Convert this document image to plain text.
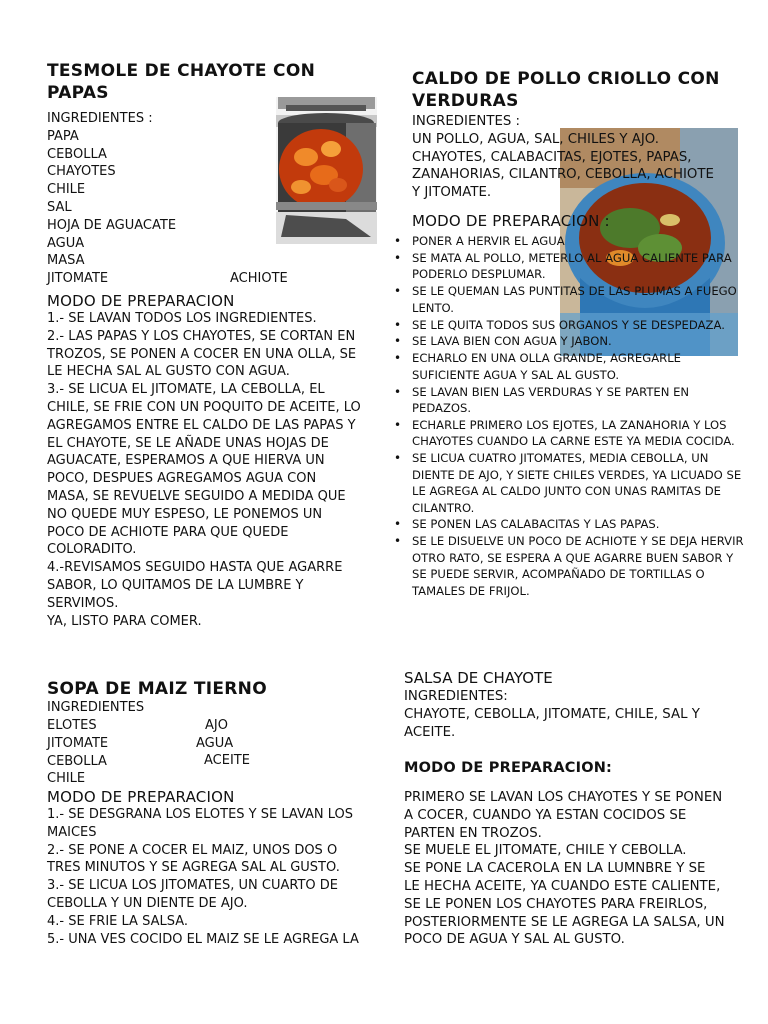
TESMOLE DE CHAYOTE CON
PAPAS
INGREDIENTES :
PAPA
CEBOLLA
CHAYOTES
CHILE
SAL
HOJA DE AGUACATE
AGUA
MASA
JITOMATE	ACHIOTE
MODO DE PREPARACION
1.- SE LAVAN TODOS LOS INGREDIENTES.
2.- LAS PAPAS Y LOS CHAYOTES, SE CORTAN EN
TROZOS, SE PONEN A COCER EN UNA OLLA, SE
LE HECHA SAL AL GUSTO CON AGUA.
3.- SE LICUA EL JITOMATE, LA CEBOLLA, EL
CHILE, SE FRIE CON UN POQUITO DE ACEITE, LO
AGREGAMOS ENTRE EL CALDO DE LAS PAPAS Y
EL CHAYOTE, SE LE AÑADE UNAS HOJAS DE
AGUACATE, ESPERAMOS A QUE HIERVA UN
POCO, DESPUES AGREGAMOS AGUA CON
MASA, SE REVUELVE SEGUIDO A MEDIDA QUE
NO QUEDE MUY ESPESO, LE PONEMOS UN
POCO DE ACHIOTE PARA QUE QUEDE
COLORADITO.
4.-REVISAMOS SEGUIDO HASTA QUE AGARRE
SABOR, LO QUITAMOS DE LA LUMBRE Y
SERVIMOS.
YA, LISTO PARA COMER.
CALDO DE POLLO CRIOLLO CON
VERDURAS
INGREDIENTES :
UN POLLO, AGUA, SAL, CHILES Y AJO.
CHAYOTES, CALABACITAS, EJOTES, PAPAS,
ZANAHORIAS, CILANTRO, CEBOLLA, ACHIOTE
Y JITOMATE.
MODO DE PREPARACION :
• PONER A HERVIR EL AGUA
• SE MATA AL POLLO, METERLO AL AGUA CALIENTE PARA PODERLO DESPLUMAR.
• SE LE QUEMAN LAS PUNTITAS DE LAS PLUMAS A FUEGO LENTO.
• SE LE QUITA TODOS SUS ORGANOS Y SE DESPEDAZA.
• SE LAVA BIEN CON AGUA Y JABON.
• ECHARLO EN UNA OLLA GRANDE, AGREGARLE SUFICIENTE AGUA Y SAL AL GUSTO.
• SE LAVAN BIEN LAS VERDURAS Y SE PARTEN EN PEDAZOS.
• ECHARLE PRIMERO LOS EJOTES, LA ZANAHORIA Y LOS CHAYOTES CUANDO LA CARNE ESTE YA MEDIA COCIDA.
• SE LICUA CUATRO JITOMATES, MEDIA CEBOLLA, UN DIENTE DE AJO, Y SIETE CHILES VERDES, YA LICUADO SE LE AGREGA AL CALDO JUNTO CON UNAS RAMITAS DE CILANTRO.
• SE PONEN LAS CALABACITAS Y LAS PAPAS.
• SE LE DISUELVE UN POCO DE ACHIOTE Y SE DEJA HERVIR OTRO RATO, SE ESPERA A QUE AGARRE BUEN SABOR Y SE PUEDE SERVIR, ACOMPAÑADO DE TORTILLAS O TAMALES DE FRIJOL.
SOPA DE MAIZ TIERNO
INGREDIENTES
ELOTES
JITOMATE
CEBOLLA
CHILE
AJO
AGUA
ACEITE
MODO DE PREPARACION
1.- SE DESGRANA LOS ELOTES Y SE LAVAN LOS
MAICES
2.- SE PONE A COCER EL MAIZ, UNOS DOS O
TRES MINUTOS Y SE AGREGA SAL AL GUSTO.
3.- SE LICUA LOS JITOMATES, UN CUARTO DE
CEBOLLA Y UN DIENTE DE AJO.
4.- SE FRIE LA SALSA.
5.- UNA VES COCIDO EL MAIZ SE LE AGREGA LA
SALSA DE CHAYOTE
INGREDIENTES:
CHAYOTE, CEBOLLA, JITOMATE, CHILE, SAL Y
ACEITE.
MODO DE PREPARACION:
PRIMERO SE LAVAN LOS CHAYOTES Y SE PONEN
A COCER, CUANDO YA ESTAN COCIDOS SE
PARTEN EN TROZOS.
SE MUELE EL JITOMATE, CHILE Y CEBOLLA.
SE PONE LA CACEROLA EN LA LUMNBRE Y SE
LE HECHA ACEITE, YA CUANDO ESTE CALIENTE,
SE LE PONEN LOS CHAYOTES PARA FREIRLOS,
POSTERIORMENTE SE LE AGREGA LA SALSA, UN
POCO DE AGUA Y SAL AL GUSTO.
